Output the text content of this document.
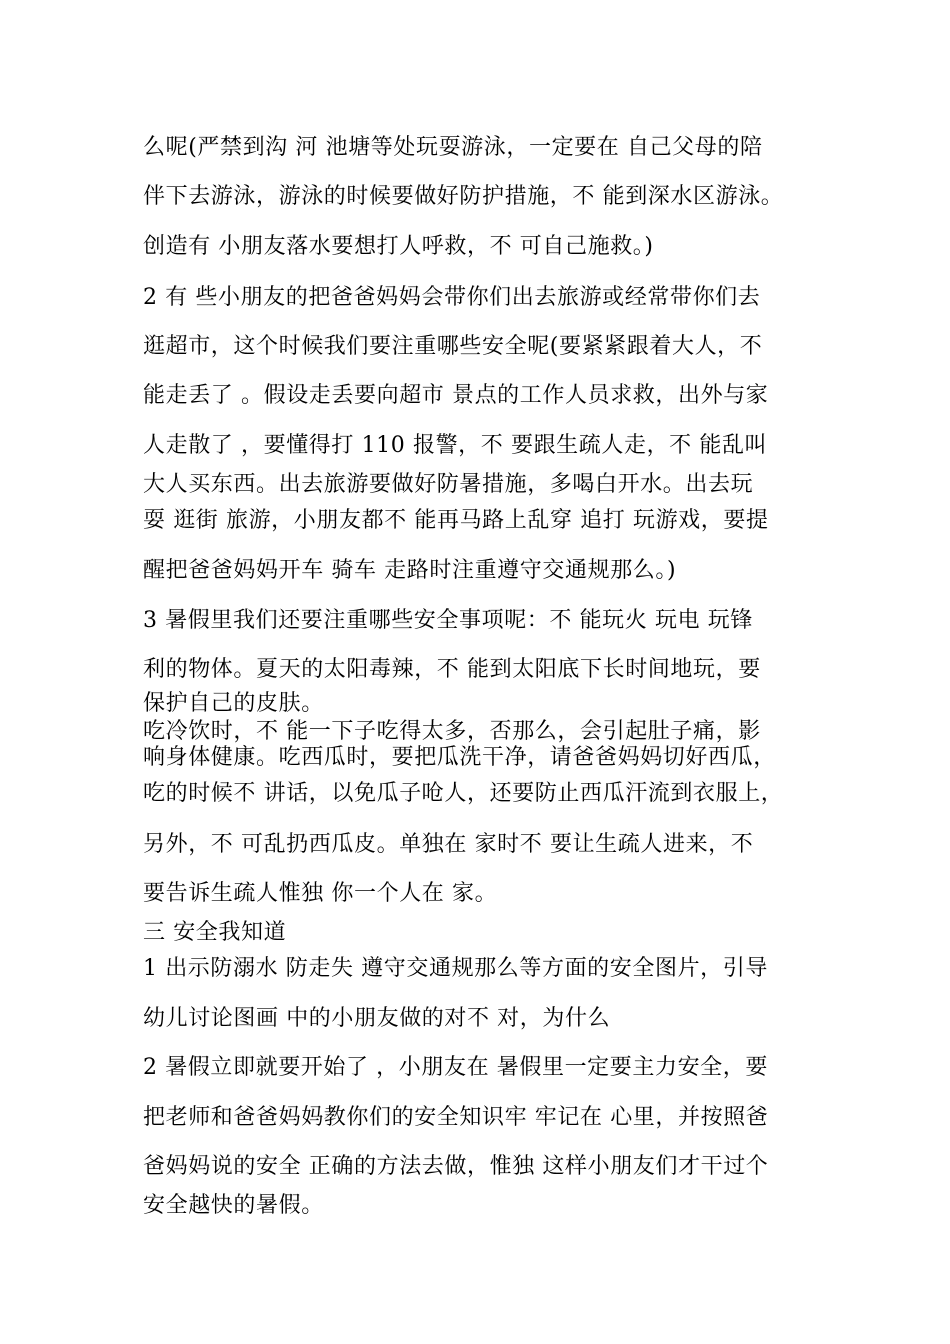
么呢(严禁到沟 河 池塘等处玩耍游泳，一定要在 自己父母的陪
伴下去游泳，游泳的时候要做好防护措施，不 能到深水区游泳。
创造有 小朋友落水要想打人呼救，不 可自己施救。)
2 有 些小朋友的把爸爸妈妈会带你们出去旅游或经常带你们去
逛超市，这个时候我们要注重哪些安全呢(要紧紧跟着大人，不
能走丢了 。假设走丢要向超市 景点的工作人员求救，出外与家
人走散了 ，要懂得打 110 报警，不 要跟生疏人走，不 能乱叫
大人买东西。出去旅游要做好防暑措施，多喝白开水。出去玩
耍 逛街 旅游，小朋友都不 能再马路上乱穿 追打 玩游戏，要提
醒把爸爸妈妈开车 骑车 走路时注重遵守交通规那么。)
3 暑假里我们还要注重哪些安全事项呢：不 能玩火 玩电 玩锋
利的物体。夏天的太阳毒辣，不 能到太阳底下长时间地玩，要
保护自己的皮肤。
吃冷饮时，不 能一下子吃得太多，否那么，会引起肚子痛，影
响身体健康。吃西瓜时，要把瓜洗干净，请爸爸妈妈切好西瓜，
吃的时候不 讲话，以免瓜子呛人，还要防止西瓜汗流到衣服上，
另外，不 可乱扔西瓜皮。单独在 家时不 要让生疏人进来，不
要告诉生疏人惟独 你一个人在 家。
三 安全我知道
1 出示防溺水 防走失 遵守交通规那么等方面的安全图片，引导
幼儿讨论图画 中的小朋友做的对不 对，为什么
2 暑假立即就要开始了 ，小朋友在 暑假里一定要主力安全，要
把老师和爸爸妈妈教你们的安全知识牢 牢记在 心里，并按照爸
爸妈妈说的安全 正确的方法去做，惟独 这样小朋友们才干过个
安全越快的暑假。
